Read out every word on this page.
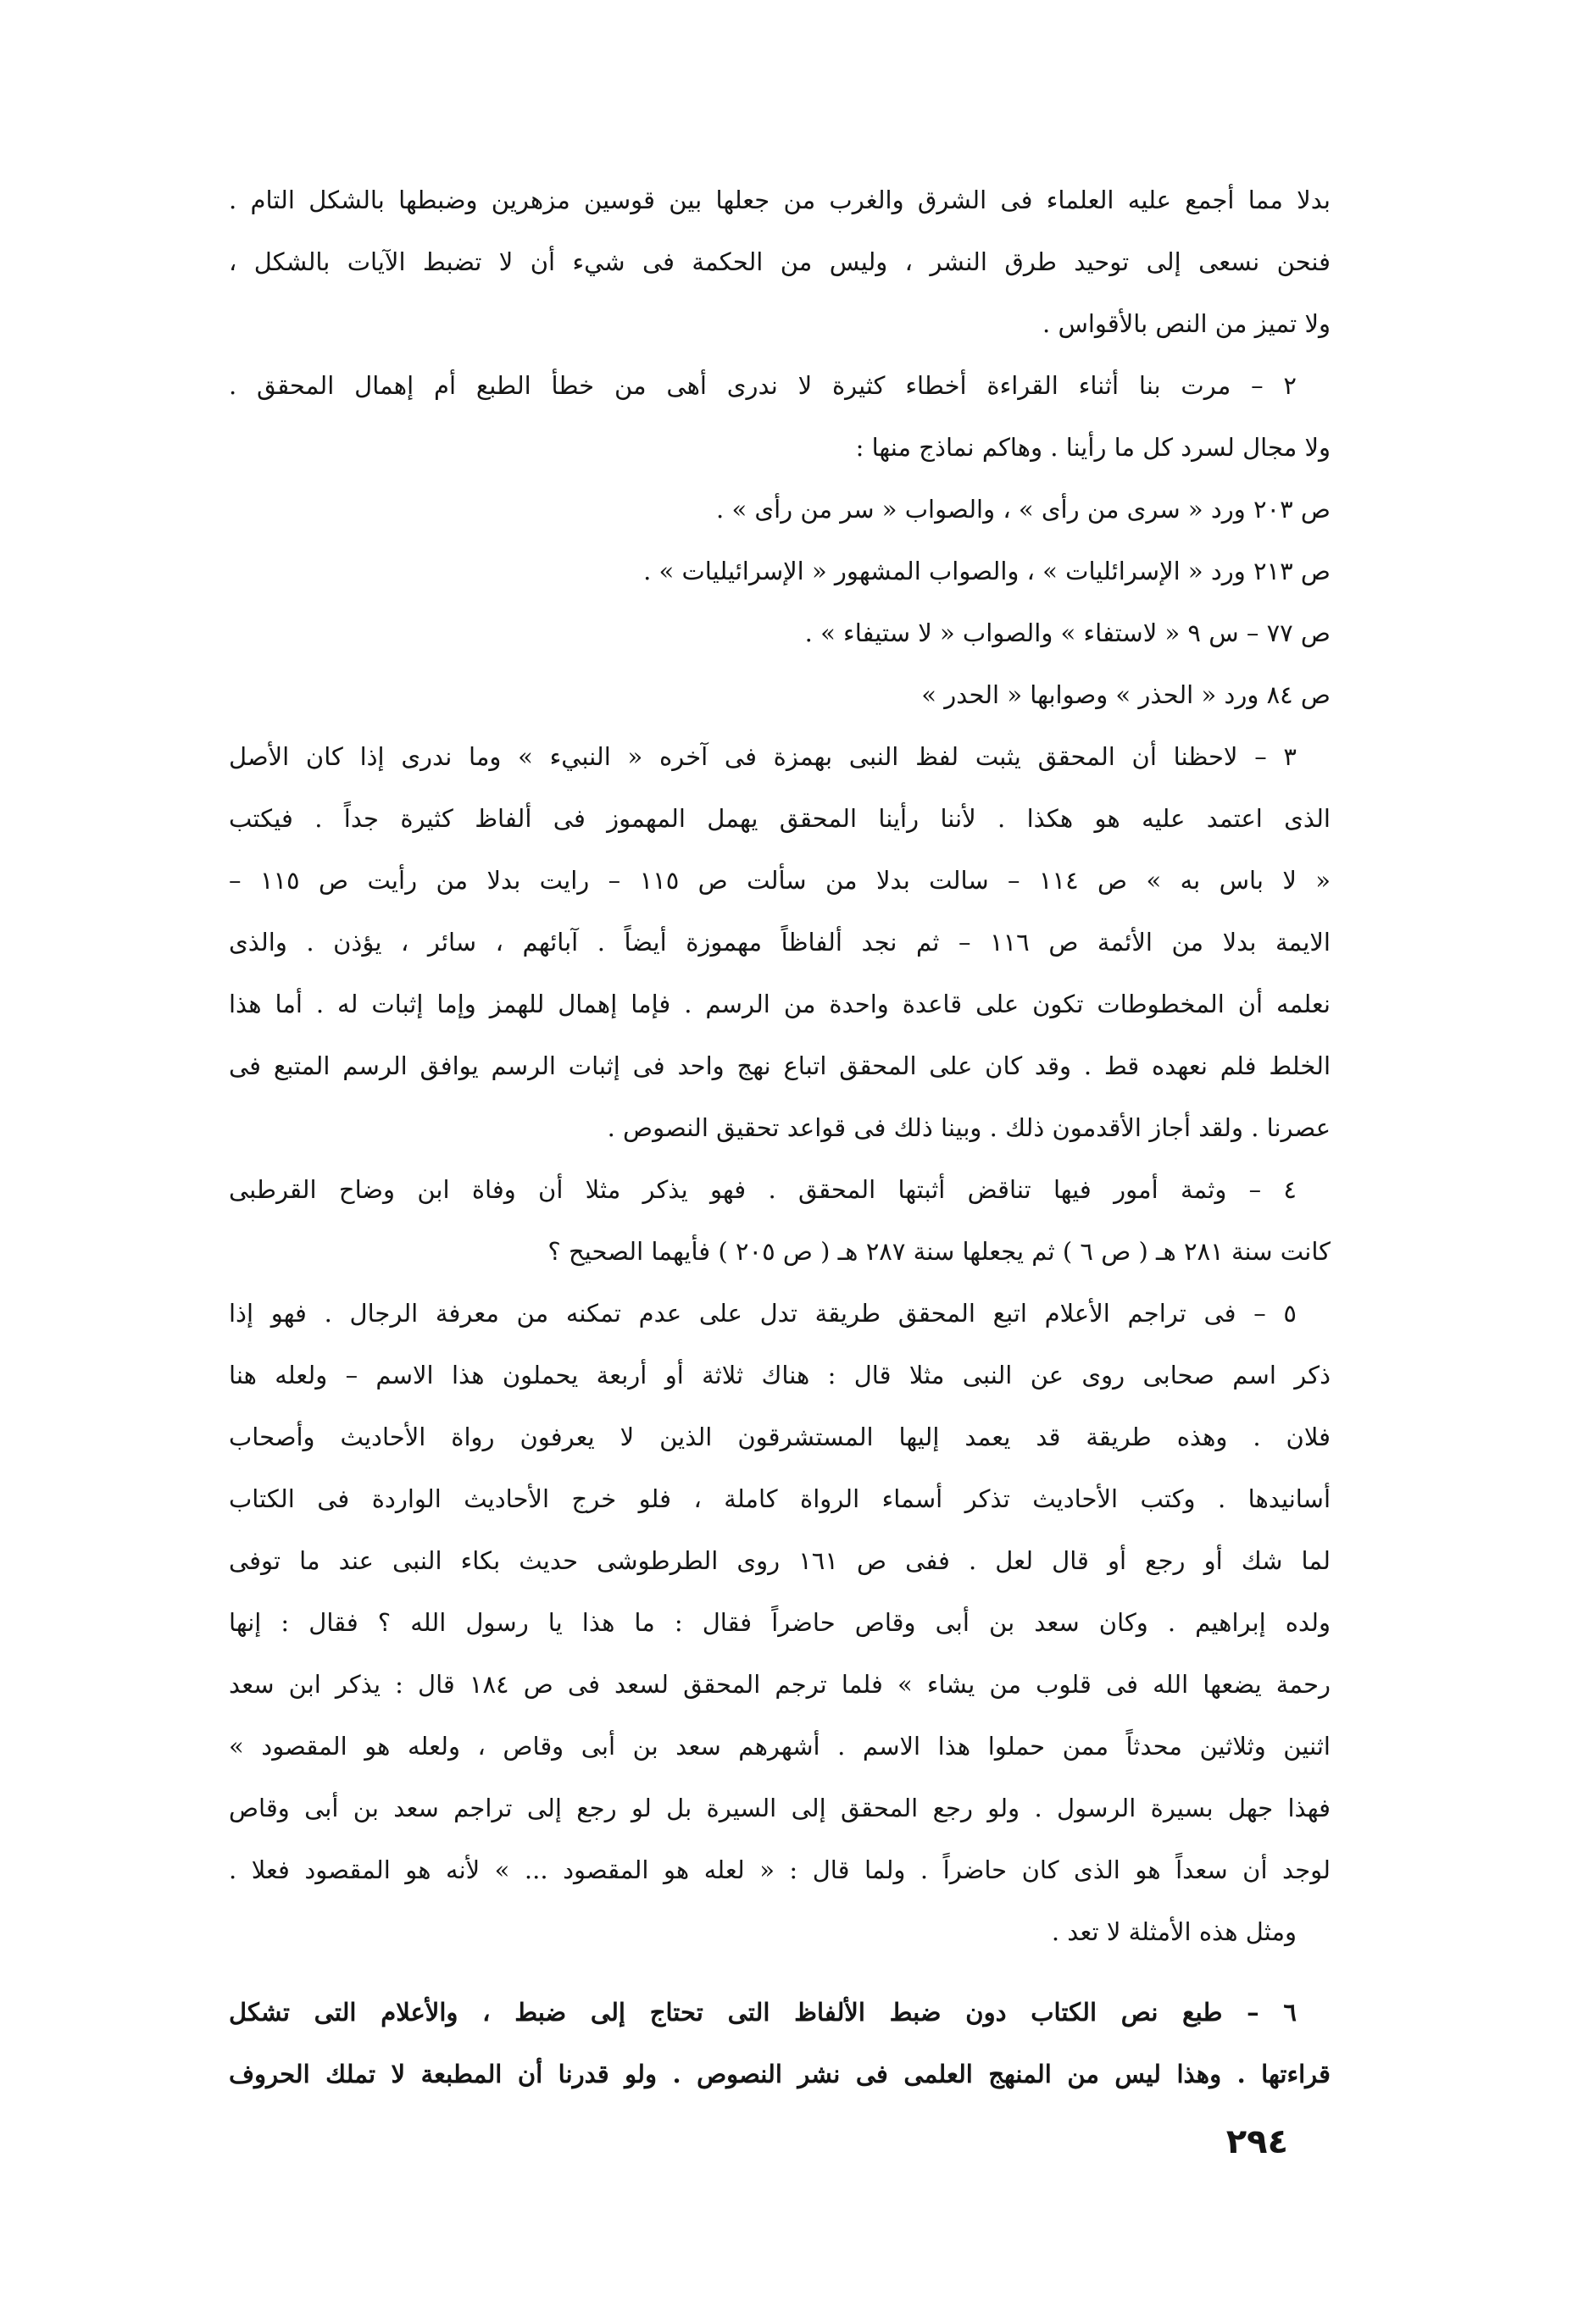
بدلا مما أجمع عليه العلماء فى الشرق والغرب من جعلها بين قوسين مزهرين وضبطها بالشكل التام .
فنحن نسعى إلى توحيد طرق النشر ، وليس من الحكمة فى شيء أن لا تضبط الآيات بالشكل ،
ولا تميز من النص بالأقواس .
٢ – مرت بنا أثناء القراءة أخطاء كثيرة لا ندرى أهى من خطأ الطبع أم إهمال المحقق .
ولا مجال لسرد كل ما رأينا . وهاكم نماذج منها :
ص ٢٠٣ ورد « سرى من رأى » ، والصواب « سر من رأى » .
ص ٢١٣ ورد « الإسرائليات » ، والصواب المشهور « الإسرائيليات » .
ص ٧٧ – س ٩ « لاستفاء » والصواب « لا ستيفاء » .
ص ٨٤ ورد « الحذر » وصوابها « الحدر »
٣ – لاحظنا أن المحقق يثبت لفظ النبى بهمزة فى آخره « النبيء » وما ندرى إذا كان الأصل
الذى اعتمد عليه هو هكذا . لأننا رأينا المحقق يهمل المهموز فى ألفاظ كثيرة جداً . فيكتب
« لا باس به » ص ١١٤ – سالت بدلا من سألت ص ١١٥ – رايت بدلا من رأيت ص ١١٥ –
الايمة بدلا من الأئمة ص ١١٦ – ثم نجد ألفاظاً مهموزة أيضاً . آبائهم ، سائر ، يؤذن . والذى
نعلمه أن المخطوطات تكون على قاعدة واحدة من الرسم . فإما إهمال للهمز وإما إثبات له . أما هذا
الخلط فلم نعهده قط . وقد كان على المحقق اتباع نهج واحد فى إثبات الرسم يوافق الرسم المتبع فى
عصرنا . ولقد أجاز الأقدمون ذلك . وبينا ذلك فى قواعد تحقيق النصوص .
٤ – وثمة أمور فيها تناقض أثبتها المحقق . فهو يذكر مثلا أن وفاة ابن وضاح القرطبى
كانت سنة ٢٨١ هـ ( ص ٦ ) ثم يجعلها سنة ٢٨٧ هـ ( ص ٢٠٥ ) فأيهما الصحيح ؟
٥ – فى تراجم الأعلام اتبع المحقق طريقة تدل على عدم تمكنه من معرفة الرجال . فهو إذا
ذكر اسم صحابى روى عن النبى مثلا قال : هناك ثلاثة أو أربعة يحملون هذا الاسم – ولعله هنا
فلان . وهذه طريقة قد يعمد إليها المستشرقون الذين لا يعرفون رواة الأحاديث وأصحاب
أسانيدها . وكتب الأحاديث تذكر أسماء الرواة كاملة ، فلو خرج الأحاديث الواردة فى الكتاب
لما شك أو رجع أو قال لعل . ففى ص ١٦١ روى الطرطوشى حديث بكاء النبى عند ما توفى
ولده إبراهيم . وكان سعد بن أبى وقاص حاضراً فقال : ما هذا يا رسول الله ؟ فقال : إنها
رحمة يضعها الله فى قلوب من يشاء » فلما ترجم المحقق لسعد فى ص ١٨٤ قال : يذكر ابن سعد
اثنين وثلاثين محدثاً ممن حملوا هذا الاسم . أشهرهم سعد بن أبى وقاص ، ولعله هو المقصود »
فهذا جهل بسيرة الرسول . ولو رجع المحقق إلى السيرة بل لو رجع إلى تراجم سعد بن أبى وقاص
لوجد أن سعداً هو الذى كان حاضراً . ولما قال : « لعله هو المقصود ... » لأنه هو المقصود فعلا .
ومثل هذه الأمثلة لا تعد .
٦ – طبع نص الكتاب دون ضبط الألفاظ التى تحتاج إلى ضبط ، والأعلام التى تشكل
قراءتها . وهذا ليس من المنهج العلمى فى نشر النصوص . ولو قدرنا أن المطبعة لا تملك الحروف
٢٩٤
